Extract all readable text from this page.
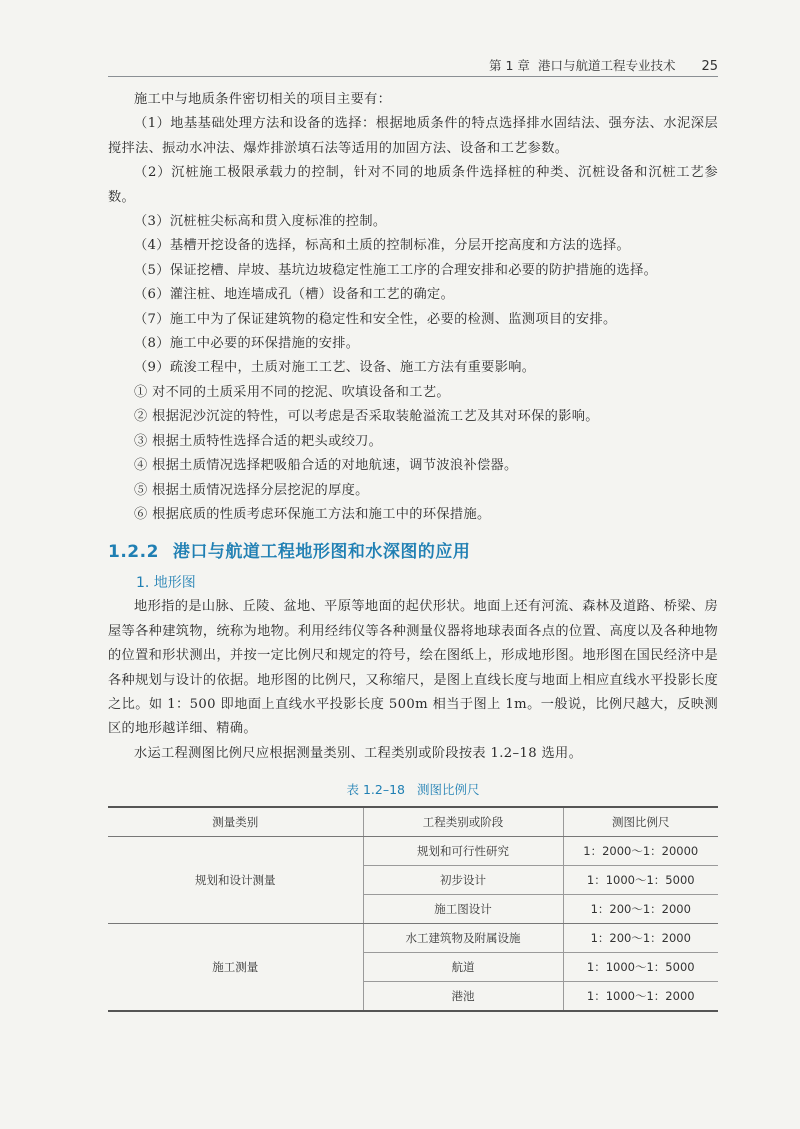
第 1 章 港口与航道工程专业技术 25

施工中与地质条件密切相关的项目主要有：

（1）地基基础处理方法和设备的选择：根据地质条件的特点选择排水固结法、强夯法、水泥深层搅拌法、振动水冲法、爆炸排淤填石法等适用的加固方法、设备和工艺参数。

（2）沉桩施工极限承载力的控制，针对不同的地质条件选择桩的种类、沉桩设备和沉桩工艺参数。

（3）沉桩桩尖标高和贯入度标准的控制。

（4）基槽开挖设备的选择，标高和土质的控制标准，分层开挖高度和方法的选择。

（5）保证挖槽、岸坡、基坑边坡稳定性施工工序的合理安排和必要的防护措施的选择。

（6）灌注桩、地连墙成孔（槽）设备和工艺的确定。

（7）施工中为了保证建筑物的稳定性和安全性，必要的检测、监测项目的安排。

（8）施工中必要的环保措施的安排。

（9）疏浚工程中，土质对施工工艺、设备、施工方法有重要影响。

① 对不同的土质采用不同的挖泥、吹填设备和工艺。

② 根据泥沙沉淀的特性，可以考虑是否采取装舱溢流工艺及其对环保的影响。

③ 根据土质特性选择合适的耙头或绞刀。

④ 根据土质情况选择耙吸船合适的对地航速，调节波浪补偿器。

⑤ 根据土质情况选择分层挖泥的厚度。

⑥ 根据底质的性质考虑环保施工方法和施工中的环保措施。

1.2.2 港口与航道工程地形图和水深图的应用
1. 地形图

地形指的是山脉、丘陵、盆地、平原等地面的起伏形状。地面上还有河流、森林及道路、桥梁、房屋等各种建筑物，统称为地物。利用经纬仪等各种测量仪器将地球表面各点的位置、高度以及各种地物的位置和形状测出，并按一定比例尺和规定的符号，绘在图纸上，形成地形图。地形图在国民经济中是各种规划与设计的依据。地形图的比例尺，又称缩尺，是图上直线长度与地面上相应直线水平投影长度之比。如 1：500 即地面上直线水平投影长度 500m 相当于图上 1m。一般说，比例尺越大，反映测区的地形越详细、精确。

水运工程测图比例尺应根据测量类别、工程类别或阶段按表 1.2–18 选用。

表 1.2–18 测图比例尺
测量类别	工程类别或阶段	测图比例尺
规划和设计测量	规划和可行性研究	1：2000～1：20000
	初步设计	1：1000～1：5000
	施工图设计	1：200～1：2000
施工测量	水工建筑物及附属设施	1：200～1：2000
	航道	1：1000～1：5000
	港池	1：1000～1：2000
